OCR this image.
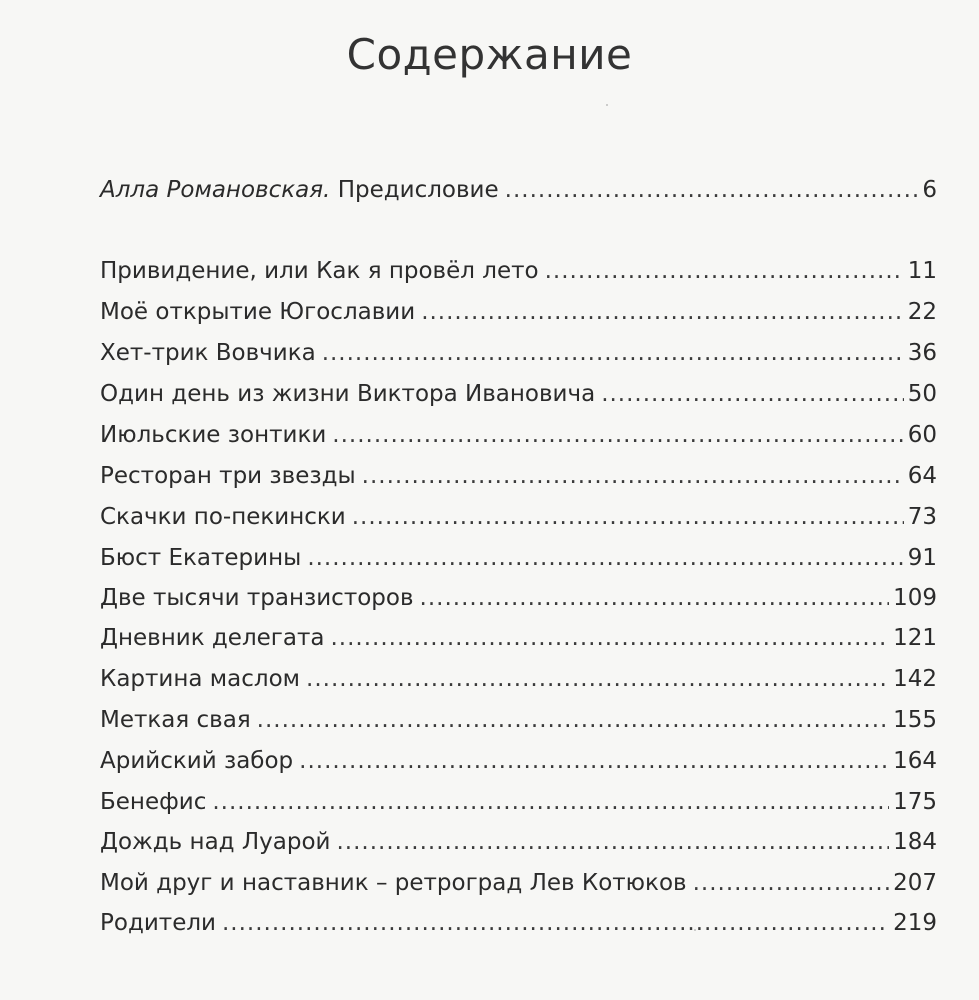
Содержание
Алла Романовская. Предисловие .....	6
Привидение, или Как я провёл лето .....	11
Моё открытие Югославии .....	22
Хет-трик Вовчика .....	36
Один день из жизни Виктора Ивановича .....	50
Июльские зонтики .....	60
Ресторан три звезды .....	64
Скачки по-пекински .....	73
Бюст Екатерины .....	91
Две тысячи транзисторов .....	109
Дневник делегата .....	121
Картина маслом .....	142
Меткая свая .....	155
Арийский забор .....	164
Бенефис .....	175
Дождь над Луарой .....	184
Мой друг и наставник – ретроград Лев Котюков .....	207
Родители .....	219
